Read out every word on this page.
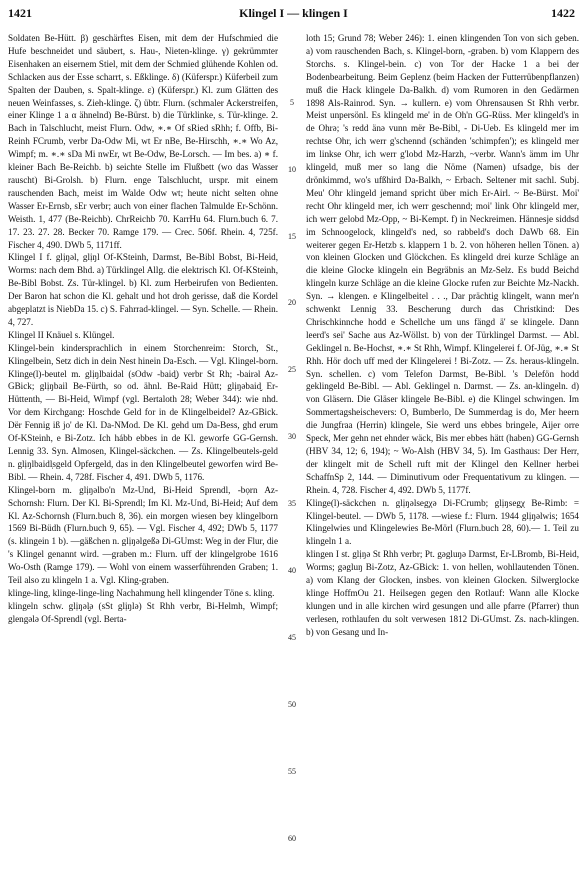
1421	Klingel I — klingen I	1422

Soldaten Be-Hütt. β) geschärftes Eisen, mit dem der Hufschmied die Hufe beschneidet und säubert, s. Hau-, Nieten-klinge. γ) gekrümmter Eisenhaken an eisernem Stiel, mit dem der Schmied glühende Kohlen od. Schlacken aus der Esse scharrt, s. Eßklinge. δ) (Küferspr.) Küferbeil zum Spalten der Dauben, s. Spalt-klinge. ε) (Küferspr.) Kl. zum Glätten des neuen Weinfasses, s. Zieh-klinge. ζ) übtr. Flurn. (schmaler Ackerstreifen, einer Klinge 1 a α ähnelnd) Be-Bürst. b) die Türklinke, s. Tür-klinge. 2. Bach in Talschlucht, meist Flurn. Odw, ∗.∗ Of sRied sRhh; f. Offb, Bi-Reinh FCrumb, verbr Da-Odw Mi, wt Er nBe, Be-Hirschh, ∗.∗ Wo Az, Wimpf; m. ∗.∗ sDa Mi nwEr, wt Be-Odw, Be-Lorsch. — Im bes. a) ∗ f. kleiner Bach Be-Reichb. b) seichte Stelle im Flußbett (wo das Wasser rauscht) Bi-Grolsh. b) Flurn. enge Talschlucht, urspr. mit einem rauschenden Bach, meist im Walde Odw wt; heute nicht selten ohne Wasser Er-Ernsb, sEr verbr; auch von einer flachen Talmulde Er-Schönn. Weisth. 1, 477 (Be-Reichb). ChrReichb 70. KarrHu 64. Flurn.buch 6. 7. 17. 23. 27. 28. Becker 70. Ramge 179. — Crec. 506f. Rhein. 4, 725f. Fischer 4, 490. DWb 5, 1171ff.

Klingel I f. glịŋəl, glịŋl Of-KSteinh, Darmst, Be-Bibl Bobst, Bi-Heid, Worms: nach dem Bhd. a) Türklingel Allg. die elektrisch Kl. Of-KSteinh, Be-Bibl Bobst. Zs. Tür-klingel. b) Kl. zum Herbeirufen von Bedienten. Der Baron hat schon die Kl. gehalt und hot droh gerisse, daß die Kordel abgeplatzt is NiebDa 15. c) S. Fahrrad-klingel. — Syn. Schelle. — Rhein. 4, 727.

Klingel II Knäuel s. Klüngel.

Klingel-bein kindersprachlich in einem Storchenreim: Storch, St., Klingelbein, Setz dich in dein Nest hinein Da-Esch. — Vgl. Klingel-born.

Klinge(l)-beutel m. glịŋlbaidəl (sOdw -baid̬) verbr St Rh; -bairəl Az-GBick; glịŋbail Be-Fürth, so od. ähnl. Be-Raid Hütt; glịŋəbaid̬ Er-Hüttenth, — Bi-Heid, Wimpf (vgl. Bertaloth 28; Weber 344): wie nhd. Vor dem Kirchgang: Hoschde Geld for in de Klingelbeidel? Az-GBick. Dër Fennig iß jo' de Kl. Da-NMod. De Kl. gehd um Da-Bess, ghd erum Of-KSteinh, e Bi-Zotz. Ich hább ebbes in de Kl. geworfe GG-Gernsh. Lennig 33. Syn. Almosen, Klingel-säckchen. — Zs. Klingelbeutels-geld n. glịŋlbaidl̩sgeld Opfergeld, das in den Klingelbeutel geworfen wird Be-Bibl. — Rhein. 4, 728f. Fischer 4, 491. DWb 5, 1176.

Klingel-born m. glịŋəlbo'n Mz-Und, Bi-Heid Sprendl, -bọrn Az-Schornsh: Flurn. Der Kl. Bi-Sprendl; Im Kl. Mz-Und, Bi-Heid; Auf dem Kl. Az-Schornsh (Flurn.buch 8, 36). ein morgen wiesen bey klingelborn 1569 Bi-Büdh (Flurn.buch 9, 65). — Vgl. Fischer 4, 492; DWb 5, 1177 (s. klingein 1 b). —gäßchen n. glịŋəlgeßə Di-GUmst: Weg in der Flur, die 's Klingel genannt wird. —graben m.: Flurn. uff der klingelgrobe 1616 Wo-Osth (Ramge 179). — Wohl von einem wasserführenden Graben; 1. Teil also zu klingeln 1 a. Vgl. Kling-graben.

klinge-ling, klinge-linge-ling Nachahmung hell klingender Töne s. kling.

klingeln schw. glịŋəl̬ə (sSt glịŋlə) St Rhh verbr, Bi-Helmh, Wimpf; glengələ Of-Sprendl (vgl. Berta-

5
10
15
20
25
30
35
40
45
50
55
60

loth 15; Grund 78; Weber 246): 1. einen klingenden Ton von sich geben. a) vom rauschenden Bach, s. Klingel-born, -graben. b) vom Klappern des Storchs. s. Klingel-bein. c) von Tor der Hacke 1 a bei der Bodenbearbeitung. Beim Geplenz (beim Hacken der Futterrübenpflanzen) muß die Hack klingele Da-Balkh. d) vom Rumoren in den Gedärmen 1898 Als-Rainrod. Syn. → kullern. e) vom Ohrensausen St Rhh verbr. Meist unpersönl. Es klingeld me' in de Oh'n GG-Rüss. Mer klingeld's in de Ohrə; 's redd änə vunn mër Be-Bibl, - Di-Ueb. Es klingeld mer im rechtse Ohr, ich werr g'schennd (schänden 'schimpfen'); es klingeld mer im linkse Ohr, ich werr g'lobd Mz-Harzh, ~verbr. Wann's ämm im Uhr klingeld, muß mer so lang die Nöme (Namen) ufsadge, bis der drönkimmd, wo's ufßhird Da-Balkh, ~ Erbach. Seltener mit sachl. Subj. Meu' Ohr klingeld jemand spricht über mich Er-Airl. ~ Be-Bürst. Moi' recht Ohr klingeld mer, ich werr geschennd; moi' link Ohr klingeld mer, ich werr gelobd Mz-Opp, ~ Bi-Kempt. f) in Neckreimen. Hännesje siddsd im Schnoogelock, klingeld's ned, so rabbeld's doch DaWb 68. Ein weiterer gegen Er-Hetzb s. klappern 1 b. 2. von höheren hellen Tönen. a) von kleinen Glocken und Glöckchen. Es klingeld drei kurze Schläge an die kleine Glocke klingeln ein Begräbnis an Mz-Selz. Es budd Beichd klingeln kurze Schläge an die kleine Glocke rufen zur Beichte Mz-Nackh. Syn. → klengen. e Klingelbeitel . . ., Dar prächtig klingelt, wann mer'n schwenkt Lennig 33. Bescherung durch das Christkind: Des Chrischkinnche hodd e Schellche um uns fängd ä' se klingele. Dann leerd's sei' Sache aus Az-Wöllst. b) von der Türklingel Darmst. — Abl. Geklingel n. Be-Hochst, ∗.∗ St Rhh, Wimpf. Klingelerei f. Of-Jüg, ∗.∗ St Rhh. Hör doch uff med der Klingelerei ! Bi-Zotz. — Zs. heraus-klingeln. Syn. schellen. c) vom Telefon Darmst, Be-Bibl. 's Delefön hodd geklingeld Be-Bibl. — Abl. Geklingel n. Darmst. — Zs. an-klingeln. d) von Gläsern. Die Gläser klingele Be-Bibl. e) die Klingel schwingen. Im Sommertagsheischevers: O, Bumberlo, De Summerdag is do, Mer heern die Jungfraa (Herrin) klingele, Sie werd uns ebbes bringele, Aijer orre Speck, Mer gehn net ehnder wäck, Bis mer ebbes hätt (haben) GG-Gernsh (HBV 34, 12; 6, 194); ~ Wo-Alsh (HBV 34, 5). Im Gasthaus: Der Herr, der klingelt mit de Schell ruft mit der Klingel den Kellner herbei SchaffnSp 2, 144. — Diminutivum oder Frequentativum zu klingen. — Rhein. 4, 728. Fischer 4, 492. DWb 5, 1177f.

Klinge(l)-säckchen n. glịŋəlsegχə Di-FCrumb; glịŋsegχ Be-Rimb: = Klingel-beutel. — DWb 5, 1178. —wiese f.: Flurn. 1944 glịŋəlwis; 1654 Klingelwies und Klingelewies Be-Mörl (Flurn.buch 28, 60).— 1. Teil zu klingeln 1 a.

klingen I st. glịŋə St Rhh verbr; Pt. gəgluŋə Darmst, Er-LBromb, Bi-Heid, Worms; gəgluŋ Bi-Zotz, Az-GBick: 1. von hellen, wohllautenden Tönen. a) vom Klang der Glocken, insbes. von kleinen Glocken. Silwerglocke klinge HoffmOu 21. Heilsegen gegen den Rotlauf: Wann alle Klocke klungen und in alle kirchen wird gesungen und alle pfarre (Pfarrer) thun verlesen, rothlaufen du solt verwesen 1812 Di-GUmst. Zs. nach-klingen. b) von Gesang und In-
